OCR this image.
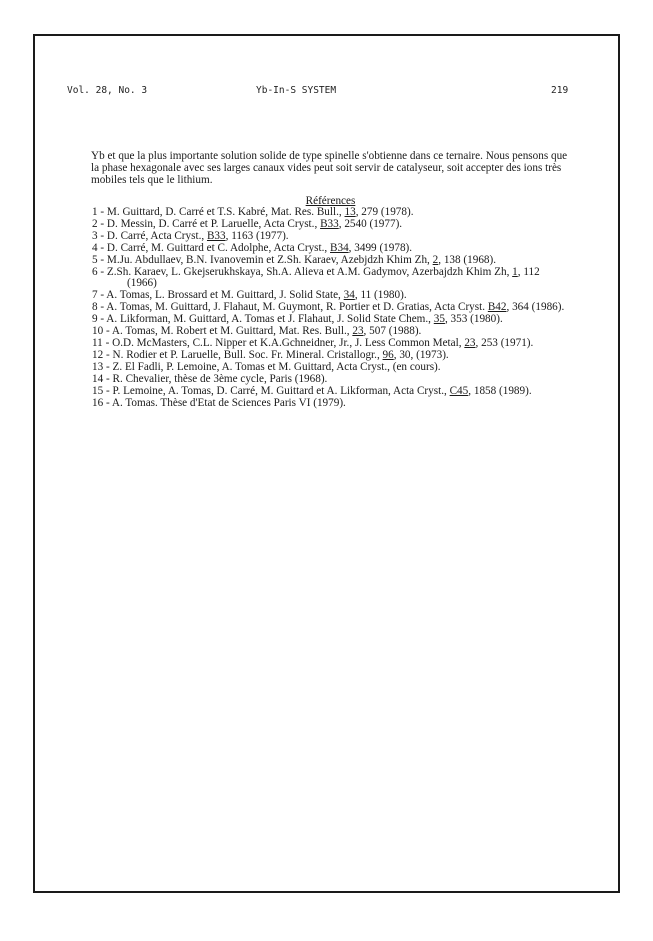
Vol. 28, No. 3	Yb-In-S SYSTEM	219

Yb et que la plus importante solution solide de type spinelle s'obtienne dans ce ternaire. Nous pensons que la phase hexagonale avec ses larges canaux vides peut soit servir de catalyseur, soit accepter des ions très mobiles tels que le lithium.

Références
1 - M. Guittard, D. Carré et T.S. Kabré, Mat. Res. Bull., 13, 279 (1978).
2 - D. Messin, D. Carré et P. Laruelle, Acta Cryst., B33, 2540 (1977).
3 - D. Carré, Acta Cryst., B33, 1163 (1977).
4 - D. Carré, M. Guittard et C. Adolphe, Acta Cryst., B34, 3499 (1978).
5 - M.Ju. Abdullaev, B.N. Ivanovemin et Z.Sh. Karaev, Azebjdzh Khim Zh, 2, 138 (1968).
6 - Z.Sh. Karaev, L. Gkejserukhskaya, Sh.A. Alieva et A.M. Gadymov, Azerbajdzh Khim Zh, 1, 112 (1966)
7 - A. Tomas, L. Brossard et M. Guittard, J. Solid State, 34, 11 (1980).
8 - A. Tomas, M. Guittard, J. Flahaut, M. Guymont, R. Portier et D. Gratias, Acta Cryst. B42, 364 (1986).
9 - A. Likforman, M. Guittard, A. Tomas et J. Flahaut, J. Solid State Chem., 35, 353 (1980).
10 - A. Tomas, M. Robert et M. Guittard, Mat. Res. Bull., 23, 507 (1988).
11 - O.D. McMasters, C.L. Nipper et K.A.Gchneidner, Jr., J. Less Common Metal, 23, 253 (1971).
12 - N. Rodier et P. Laruelle, Bull. Soc. Fr. Mineral. Cristallogr., 96, 30, (1973).
13 - Z. El Fadli, P. Lemoine, A. Tomas et M. Guittard, Acta Cryst., (en cours).
14 - R. Chevalier, thèse de 3ème cycle, Paris (1968).
15 - P. Lemoine, A. Tomas, D. Carré, M. Guittard et A. Likforman, Acta Cryst., C45, 1858 (1989).
16 - A. Tomas. Thèse d'Etat de Sciences Paris VI (1979).
